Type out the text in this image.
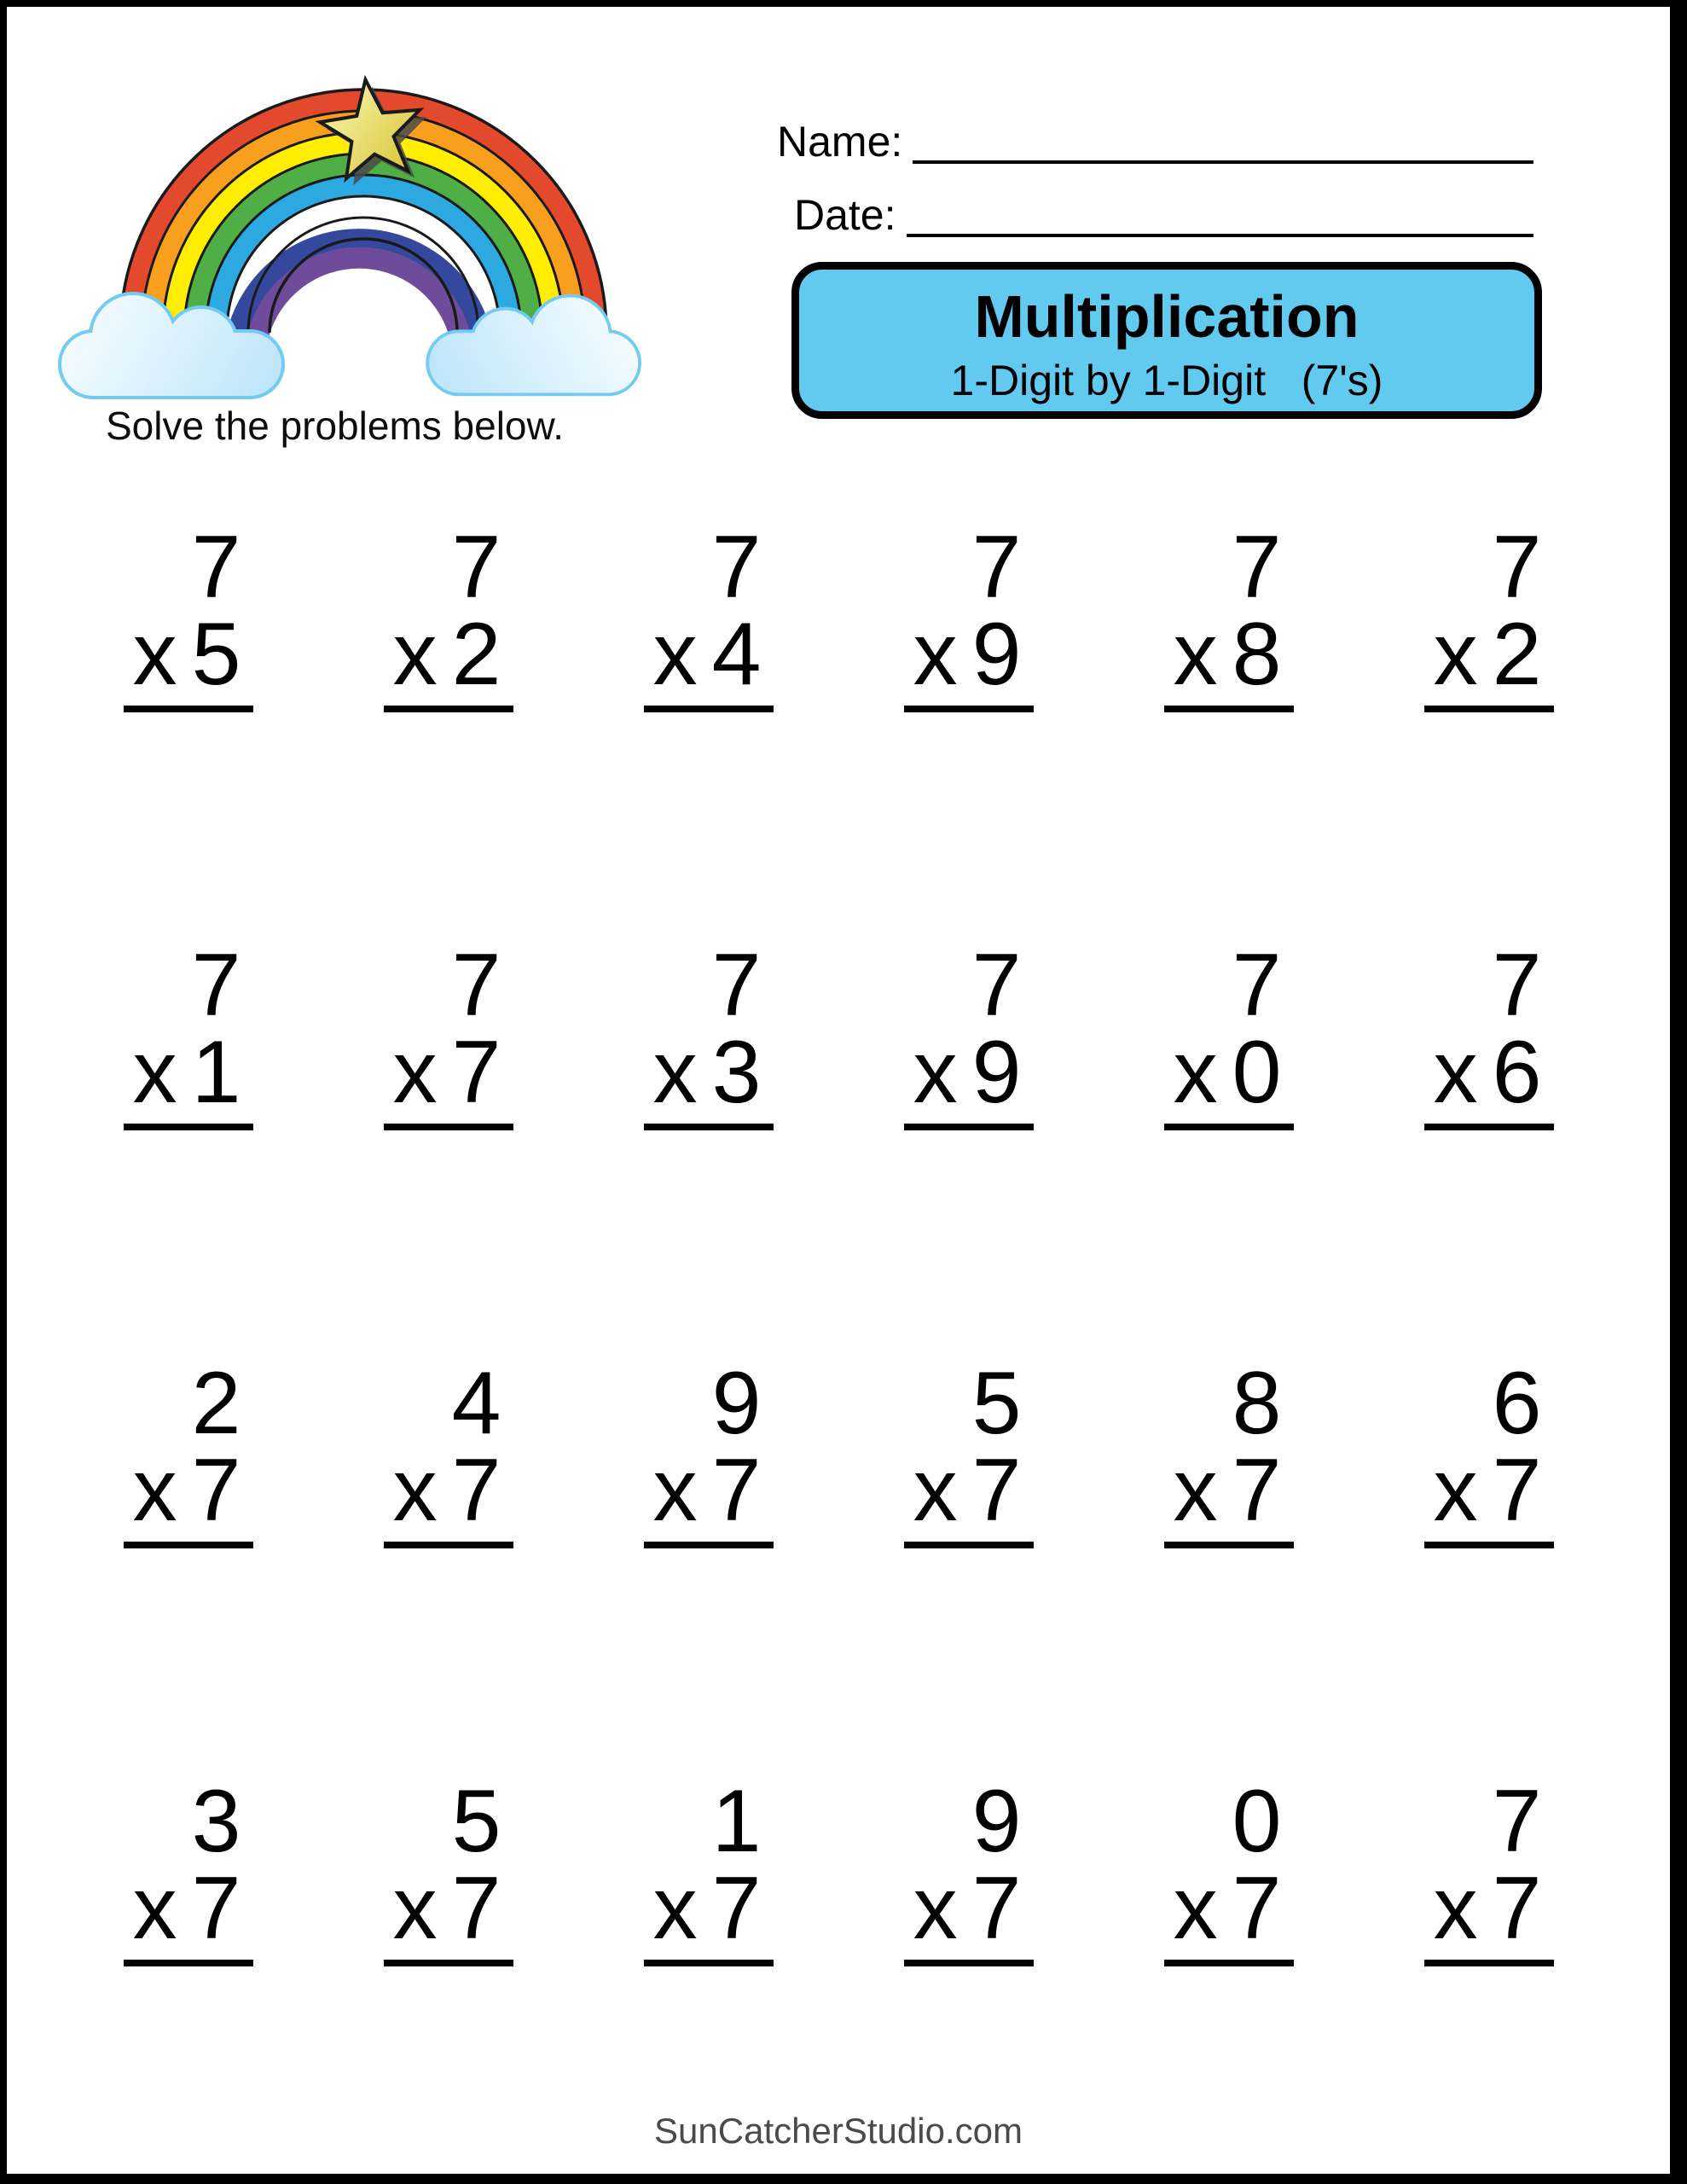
Solve the problems below.
Name:
Date:
Multiplication
1-Digit by 1-Digit   (7's)
7
x 5
7
x 2
7
x 4
7
x 9
7
x 8
7
x 2
7
x 1
7
x 7
7
x 3
7
x 9
7
x 0
7
x 6
2
x 7
4
x 7
9
x 7
5
x 7
8
x 7
6
x 7
3
x 7
5
x 7
1
x 7
9
x 7
0
x 7
7
x 7
SunCatcherStudio.com
